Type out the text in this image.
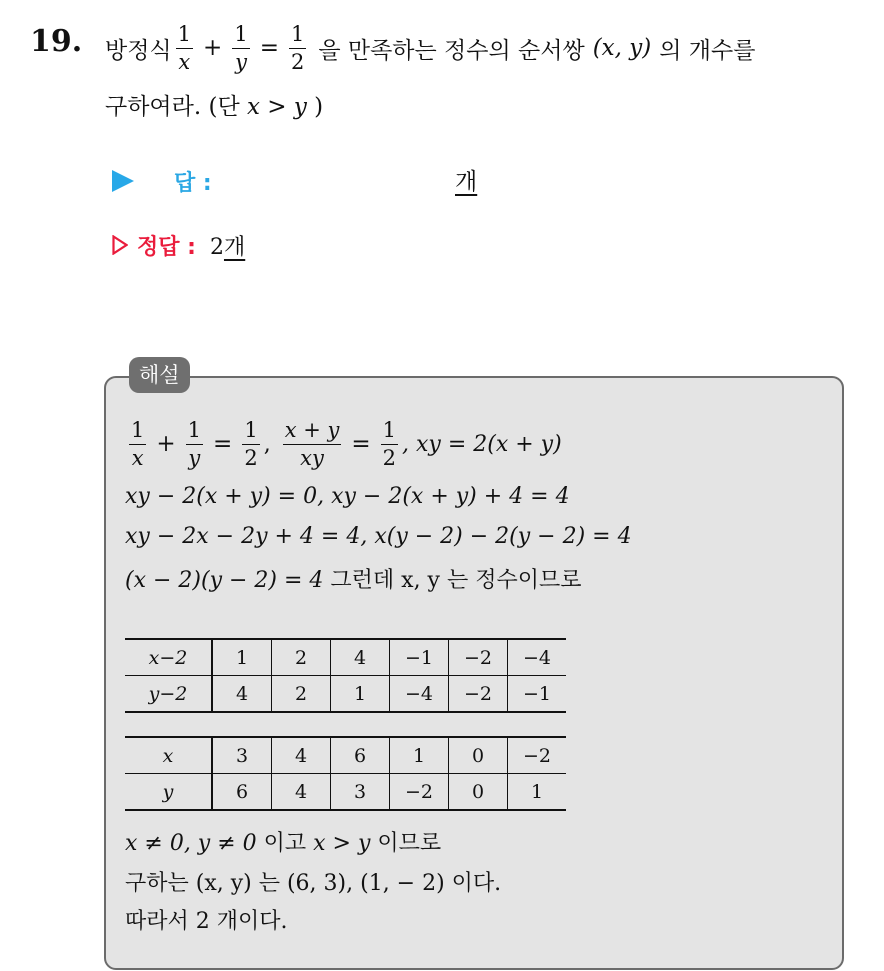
19. 방정식 $\frac{1}{x} + \frac{1}{y} = \frac{1}{2}$ 을 만족하는 정수의 순서쌍 (x, y) 의 개수를
구하여라. (단 x > y )
답 :	개
정답 : 2개
해설
$\frac{1}{x} + \frac{1}{y} = \frac{1}{2}$ , $\frac{x + y}{xy} = \frac{1}{2}$ , xy = 2(x + y)
xy − 2(x + y) = 0, xy − 2(x + y) + 4 = 4
xy − 2x − 2y + 4 = 4, x(y − 2) − 2(y − 2) = 4
(x − 2)(y − 2) = 4 그런데 x, y 는 정수이므로
x−2	1	2	4	−1	−2	−4
y−2	4	2	1	−4	−2	−1
x	3	4	6	1	0	−2
y	6	4	3	−2	0	1
x ≠ 0, y ≠ 0 이고 x > y 이므로
구하는 (x, y) 는 (6, 3), (1, − 2) 이다.
따라서 2 개이다.
